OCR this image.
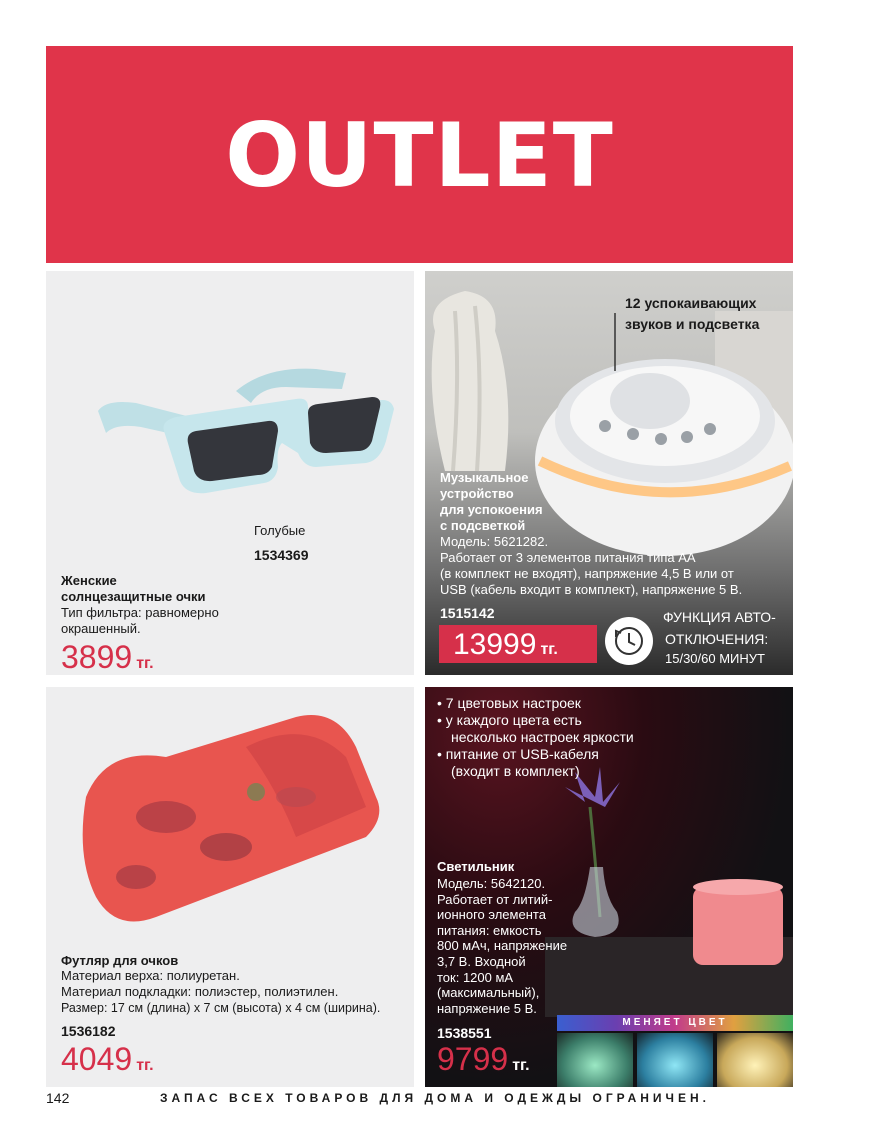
OUTLET
Голубые
1534369
Женские
солнцезащитные очки
Тип фильтра: равномерно
окрашенный.
3899 тг.
12 успокаивающих
звуков и подсветка
Музыкальное
устройство
для успокоения
с подсветкой
Модель: 5621282.
Работает от 3 элементов питания типа АА
(в комплект не входят), напряжение 4,5 В или от
USB (кабель входит в комплект), напряжение 5 В.
1515142
13999 тг.
ФУНКЦИЯ АВТО-
ОТКЛЮЧЕНИЯ:
15/30/60 МИНУТ
Футляр для очков
Материал верха: полиуретан.
Материал подкладки: полиэстер, полиэтилен.
Размер: 17 см (длина) х 7 см (высота) х 4 см (ширина).
1536182
4049 тг.
• 7 цветовых настроек
• у каждого цвета есть
несколько настроек яркости
• питание от USB-кабеля
(входит в комплект)
Светильник
Модель: 5642120.
Работает от литий-
ионного элемента
питания: емкость
800 мАч, напряжение
3,7 В. Входной
ток: 1200 мА
(максимальный),
напряжение 5 В.
1538551
9799 тг.
МЕНЯЕТ ЦВЕТ
142	ЗАПАС ВСЕХ ТОВАРОВ ДЛЯ ДОМА И ОДЕЖДЫ ОГРАНИЧЕН.
